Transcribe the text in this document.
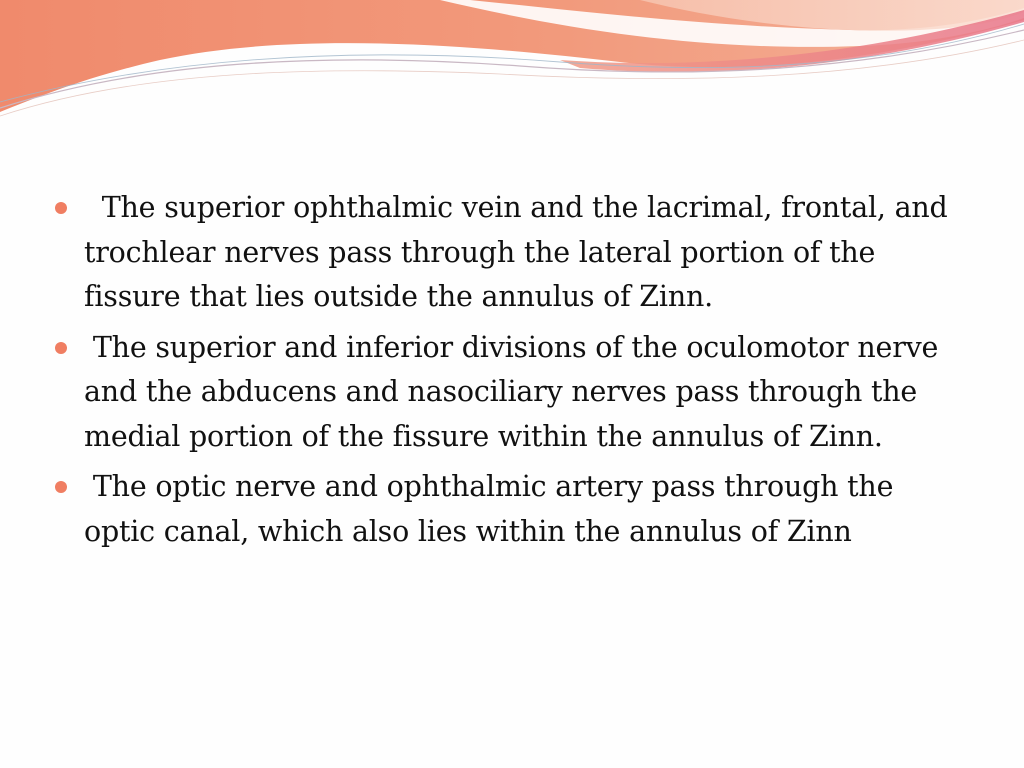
The superior ophthalmic vein and the lacrimal, frontal, and trochlear nerves pass through the lateral portion of the fissure that lies outside the annulus of Zinn.
The superior and inferior divisions of the oculomotor nerve and the abducens and nasociliary nerves pass through the medial portion of the fissure within the annulus of Zinn.
The optic nerve and ophthalmic artery pass through the optic canal, which also lies within the annulus of Zinn
